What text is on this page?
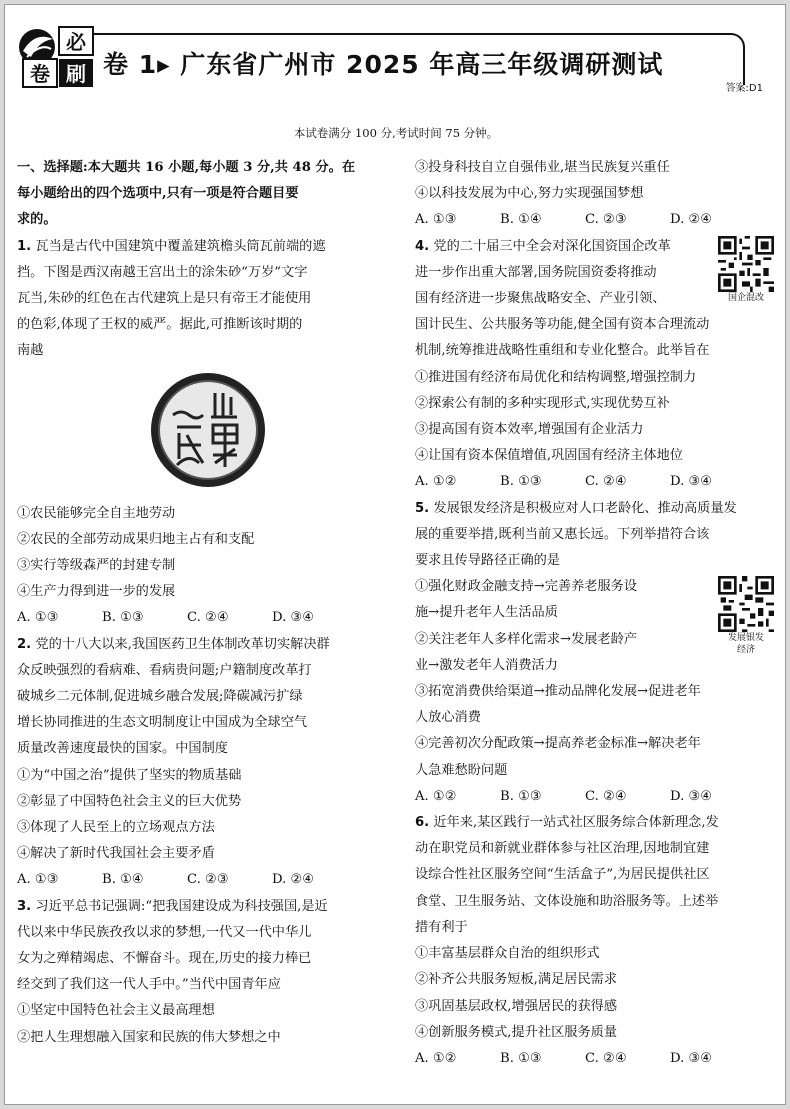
必
卷 刷 卷 1▸ 广东省广州市 2025 年高三年级调研测试
答案:D1
本试卷满分 100 分,考试时间 75 分钟。

一、选择题:本大题共 16 小题,每小题 3 分,共 48 分。在

每小题给出的四个选项中,只有一项是符合题目要

求的。

1. 瓦当是古代中国建筑中覆盖建筑檐头筒瓦前端的遮

挡。下图是西汉南越王宫出土的涂朱砂“万岁”文字

瓦当,朱砂的红色在古代建筑上是只有帝王才能使用

的色彩,体现了王权的威严。据此,可推断该时期的

南越

①农民能够完全自主地劳动

②农民的全部劳动成果归地主占有和支配

③实行等级森严的封建专制

④生产力得到进一步的发展

A. ①③	B. ①③	C. ②④	D. ③④

2. 党的十八大以来,我国医药卫生体制改革切实解决群

众反映强烈的看病难、看病贵问题;户籍制度改革打

破城乡二元体制,促进城乡融合发展;降碳减污扩绿

增长协同推进的生态文明制度让中国成为全球空气

质量改善速度最快的国家。中国制度

①为“中国之治”提供了坚实的物质基础

②彰显了中国特色社会主义的巨大优势

③体现了人民至上的立场观点方法

④解决了新时代我国社会主要矛盾

A. ①③	B. ①④	C. ②③	D. ②④

3. 习近平总书记强调:“把我国建设成为科技强国,是近

代以来中华民族孜孜以求的梦想,一代又一代中华儿

女为之殚精竭虑、不懈奋斗。现在,历史的接力棒已

经交到了我们这一代人手中。”当代中国青年应

①坚定中国特色社会主义最高理想

②把人生理想融入国家和民族的伟大梦想之中

③投身科技自立自强伟业,堪当民族复兴重任

④以科技发展为中心,努力实现强国梦想

A. ①③	B. ①④	C. ②③	D. ②④
国企混改

4. 党的二十届三中全会对深化国资国企改革

进一步作出重大部署,国务院国资委将推动

国有经济进一步聚焦战略安全、产业引领、

国计民生、公共服务等功能,健全国有资本合理流动

机制,统筹推进战略性重组和专业化整合。此举旨在

①推进国有经济布局优化和结构调整,增强控制力

②探索公有制的多种实现形式,实现优势互补

③提高国有资本效率,增强国有企业活力

④让国有资本保值增值,巩固国有经济主体地位

A. ①②	B. ①③	C. ②④	D. ③④

5. 发展银发经济是积极应对人口老龄化、推动高质量发

展的重要举措,既利当前又惠长远。下列举措符合该

要求且传导路径正确的是

发展银发
经济

①强化财政金融支持→完善养老服务设

施→提升老年人生活品质

②关注老年人多样化需求→发展老龄产

业→激发老年人消费活力

③拓宽消费供给渠道→推动品牌化发展→促进老年

人放心消费

④完善初次分配政策→提高养老金标准→解决老年

人急难愁盼问题

A. ①②	B. ①③	C. ②④	D. ③④

6. 近年来,某区践行一站式社区服务综合体新理念,发

动在职党员和新就业群体参与社区治理,因地制宜建

设综合性社区服务空间“生活盒子”,为居民提供社区

食堂、卫生服务站、文体设施和助浴服务等。上述举

措有利于

①丰富基层群众自治的组织形式

②补齐公共服务短板,满足居民需求

③巩固基层政权,增强居民的获得感

④创新服务模式,提升社区服务质量

A. ①②	B. ①③	C. ②④	D. ③④
